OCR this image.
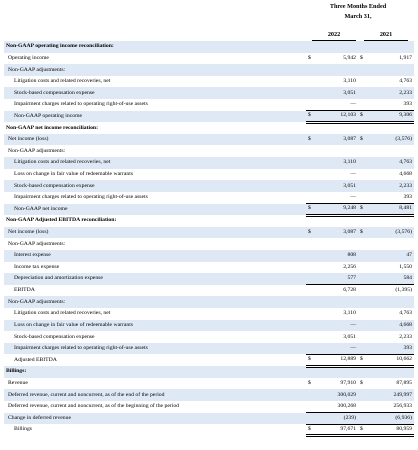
Three Months Ended
March 31,
2022	2021
Non-GAAP operating income reconciliation:				
Operating income	$	5,942	$	1,917
Non-GAAP adjustments:				
Litigation costs and related recoveries, net		3,110		4,763
Stock-based compensation expense		3,051		2,233
Impairment charges related to operating right-of-use assets		—		393
Non-GAAP operating income	$	12,103	$	9,306
Non-GAAP net income reconciliation:				
Net income (loss)	$	3,087	$	(3,576)
Non-GAAP adjustments:				
Litigation costs and related recoveries, net		3,110		4,763
Loss on change in fair value of redeemable warrants		—		4,668
Stock-based compensation expense		3,051		2,233
Impairment charges related to operating right-of-use assets		—		393
Non-GAAP net income	$	9,248	$	8,481
Non-GAAP Adjusted EBITDA reconciliation:				
Net income (loss)	$	3,087	$	(3,576)
Non-GAAP adjustments:				
Interest expense		808		47
Income tax expense		2,256		1,550
Depreciation and amortization expense		577		584
EBITDA		6,728		(1,395)
Non-GAAP adjustments:				
Litigation costs and related recoveries, net		3,110		4,763
Loss on change in fair value of redeemable warrants		—		4,668
Stock-based compensation expense		3,051		2,233
Impairment charges related to operating right-of-use assets		—		393
Adjusted EBITDA	$	12,889	$	10,662
Billings:				
Revenue	$	97,910	$	87,895
Deferred revenue, current and noncurrent, as of the end of the period		300,029		249,997
Deferred revenue, current and noncurrent, as of the beginning of the period		300,268		256,933
Change in deferred revenue		(239)		(6,936)
Billings	$	97,671	$	80,959
